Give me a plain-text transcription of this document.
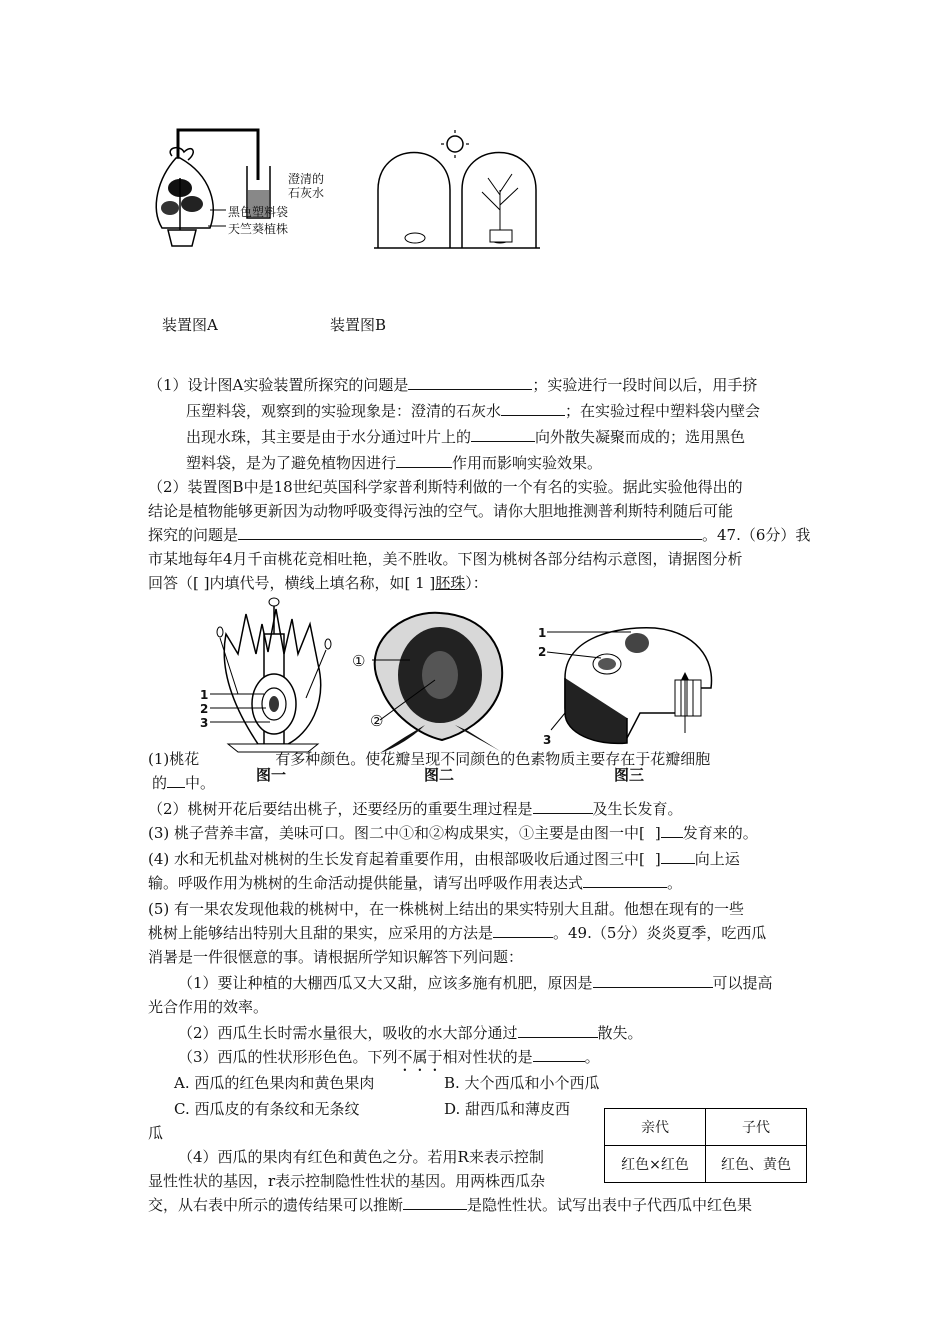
澄清的
石灰水
黑色塑料袋
天竺葵植株
装置图A	装置图B
（1）设计图A实验装置所探究的问题是	；实验进行一段时间以后，用手挤
压塑料袋，观察到的实验现象是：澄清的石灰水	；在实验过程中塑料袋内壁会
出现水珠，其主要是由于水分通过叶片上的	向外散失凝聚而成的；选用黑色
塑料袋，是为了避免植物因进行	作用而影响实验效果。
（2）装置图B中是18世纪英国科学家普利斯特利做的一个有名的实验。据此实验他得出的
结论是植物能够更新因为动物呼吸变得污浊的空气。请你大胆地推测普利斯特利随后可能
探究的问题是	。47.（6分）我
市某地每年4月千亩桃花竞相吐艳，美不胜收。下图为桃树各部分结构示意图，请据图分析
回答（[ ]内填代号，横线上填名称，如[ 1 ]胚珠）：
1
2
3
①
②
1
2
3
图一	图二	图三
(1)桃花	有多种颜色。使花瓣呈现不同颜色的色素物质主要存在于花瓣细胞
的 中。
（2）桃树开花后要结出桃子，还要经历的重要生理过程是	及生长发育。
(3) 桃子营养丰富，美味可口。图二中①和②构成果实，①主要是由图一中[ ] 发育来的。
(4) 水和无机盐对桃树的生长发育起着重要作用，由根部吸收后通过图三中[ ] 向上运
输。呼吸作用为桃树的生命活动提供能量，请写出呼吸作用表达式	。
(5) 有一果农发现他栽的桃树中，在一株桃树上结出的果实特别大且甜。他想在现有的一些
桃树上能够结出特别大且甜的果实，应采用的方法是	。49.（5分）炎炎夏季，吃西瓜
消暑是一件很惬意的事。请根据所学知识解答下列问题：
（1）要让种植的大棚西瓜又大又甜，应该多施有机肥，原因是	可以提高
光合作用的效率。
（2）西瓜生长时需水量很大，吸收的水大部分通过	散失。
（3）西瓜的性状形形色色。下列不属于相对性状的是	。
A. 西瓜的红色果肉和黄色果肉	B. 大个西瓜和小个西瓜
C. 西瓜皮的有条纹和无条纹	D. 甜西瓜和薄皮西
瓜
（4）西瓜的果肉有红色和黄色之分。若用R来表示控制
显性性状的基因，r表示控制隐性性状的基因。用两株西瓜杂
交，从右表中所示的遗传结果可以推断	是隐性性状。试写出表中子代西瓜中红色果
亲代	子代
红色×红色	红色、黄色
